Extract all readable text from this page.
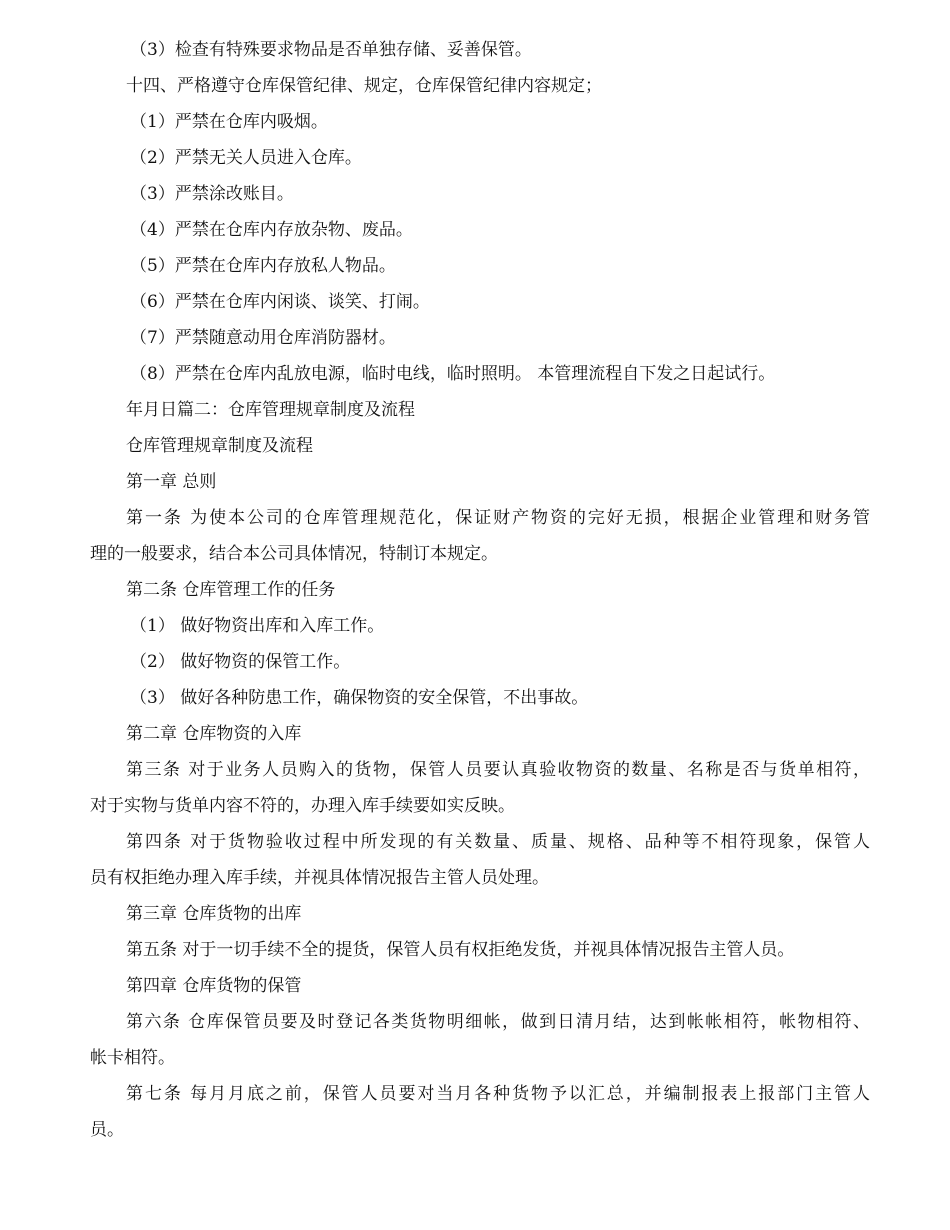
（3）检查有特殊要求物品是否单独存储、妥善保管。
十四、严格遵守仓库保管纪律、规定，仓库保管纪律内容规定；
（1）严禁在仓库内吸烟。
（2）严禁无关人员进入仓库。
（3）严禁涂改账目。
（4）严禁在仓库内存放杂物、废品。
（5）严禁在仓库内存放私人物品。
（6）严禁在仓库内闲谈、谈笑、打闹。
（7）严禁随意动用仓库消防器材。
（8）严禁在仓库内乱放电源，临时电线，临时照明。 本管理流程自下发之日起试行。
年月日篇二：仓库管理规章制度及流程
仓库管理规章制度及流程
第一章 总则
第一条 为使本公司的仓库管理规范化，保证财产物资的完好无损，根据企业管理和财务管
理的一般要求，结合本公司具体情况，特制订本规定。
第二条 仓库管理工作的任务
（1） 做好物资出库和入库工作。
（2） 做好物资的保管工作。
（3） 做好各种防患工作，确保物资的安全保管，不出事故。
第二章 仓库物资的入库
第三条 对于业务人员购入的货物，保管人员要认真验收物资的数量、名称是否与货单相符，
对于实物与货单内容不符的，办理入库手续要如实反映。
第四条 对于货物验收过程中所发现的有关数量、质量、规格、品种等不相符现象，保管人
员有权拒绝办理入库手续，并视具体情况报告主管人员处理。
第三章 仓库货物的出库
第五条 对于一切手续不全的提货，保管人员有权拒绝发货，并视具体情况报告主管人员。
第四章 仓库货物的保管
第六条 仓库保管员要及时登记各类货物明细帐，做到日清月结，达到帐帐相符，帐物相符、
帐卡相符。
第七条 每月月底之前，保管人员要对当月各种货物予以汇总，并编制报表上报部门主管人
员。
